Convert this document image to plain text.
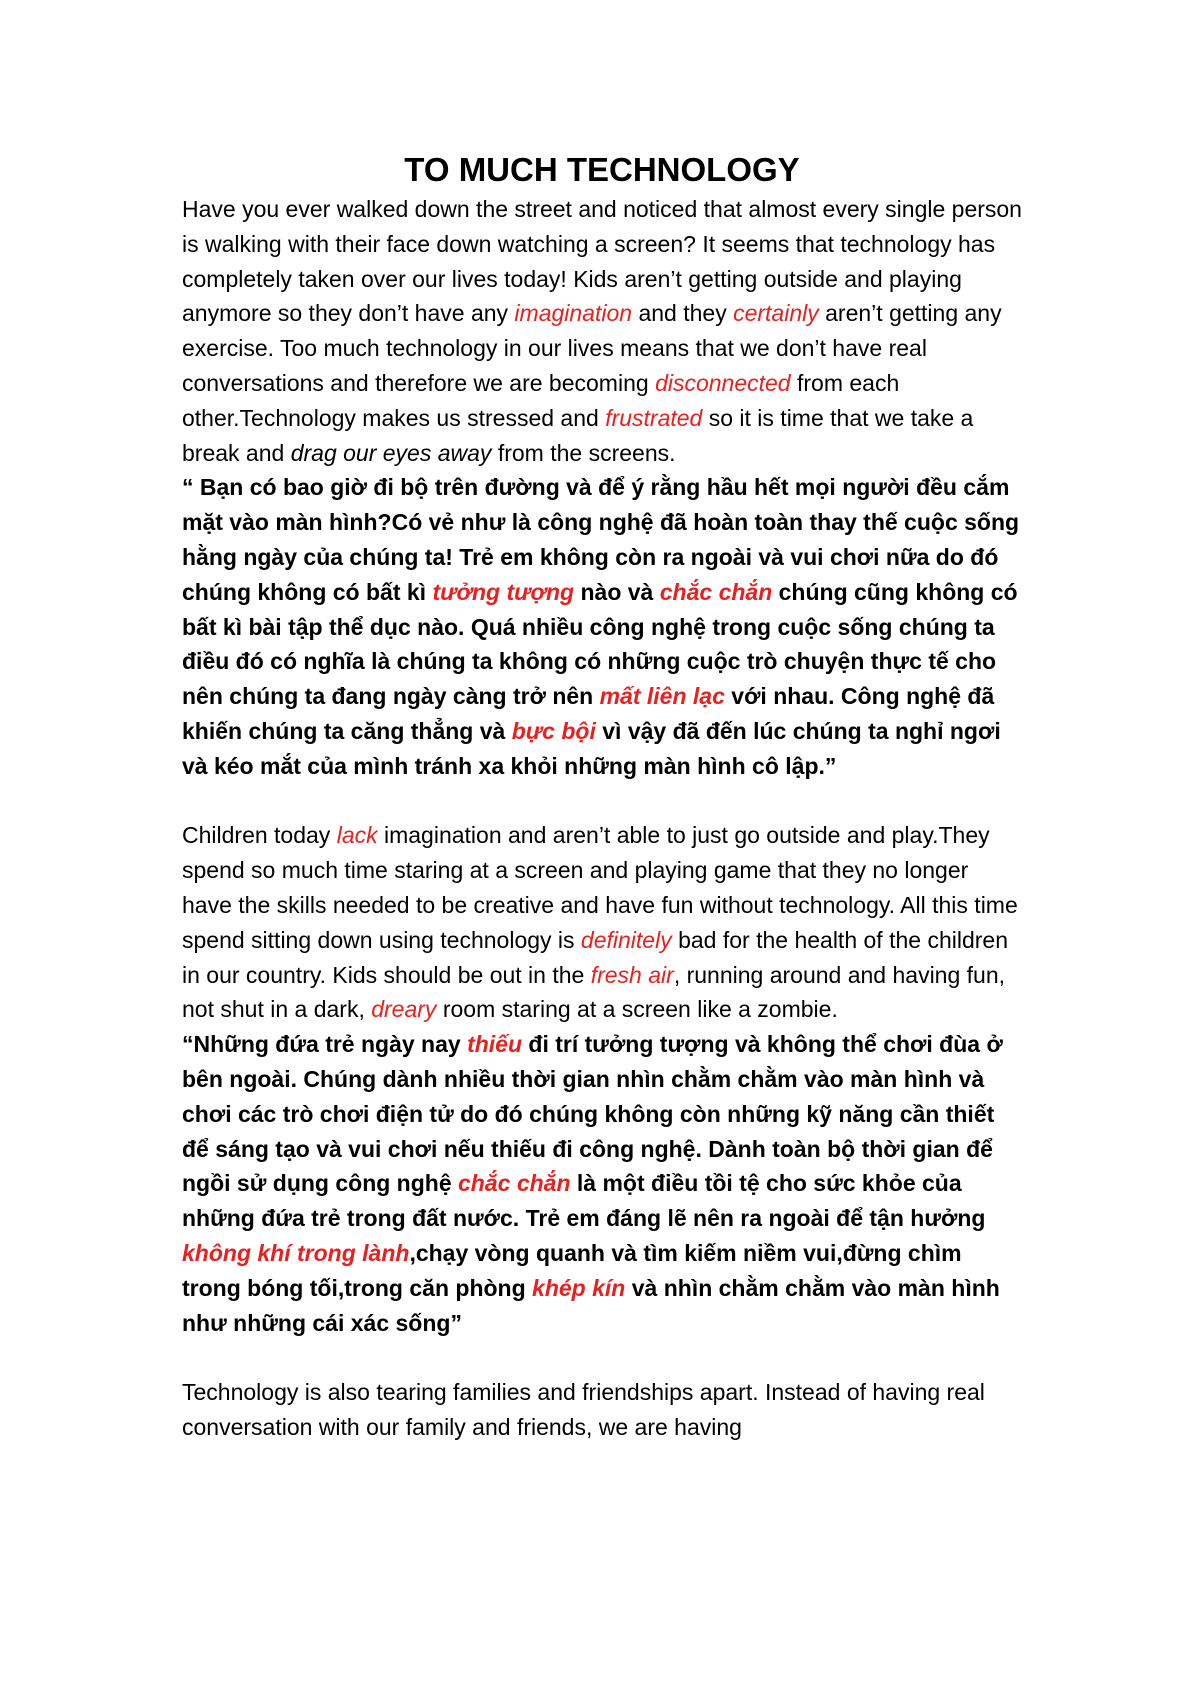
TO MUCH TECHNOLOGY

Have you ever walked down the street and noticed that almost every single person is walking with their face down watching a screen? It seems that technology has completely taken over our lives today! Kids aren’t getting outside and playing anymore so they don’t have any imagination and they certainly aren’t getting any exercise. Too much technology in our lives means that we don’t have real conversations and therefore we are becoming disconnected from each other.Technology makes us stressed and frustrated so it is time that we take a break and drag our eyes away from the screens.

“ Bạn có bao giờ đi bộ trên đường và để ý rằng hầu hết mọi người đều cắm mặt vào màn hình?Có vẻ như là công nghệ đã hoàn toàn thay thế cuộc sống hằng ngày của chúng ta! Trẻ em không còn ra ngoài và vui chơi nữa do đó chúng không có bất kì tưởng tượng nào và chắc chắn chúng cũng không có bất kì bài tập thể dục nào. Quá nhiều công nghệ trong cuộc sống chúng ta điều đó có nghĩa là chúng ta không có những cuộc trò chuyện thực tế cho nên chúng ta đang ngày càng trở nên mất liên lạc với nhau. Công nghệ đã khiến chúng ta căng thẳng và bực bội vì vậy đã đến lúc chúng ta nghỉ ngơi và kéo mắt của mình tránh xa khỏi những màn hình cô lập.”

Children today lack imagination and aren’t able to just go outside and play.They spend so much time staring at a screen and playing game that they no longer have the skills needed to be creative and have fun without technology. All this time spend sitting down using technology is definitely bad for the health of the children in our country. Kids should be out in the fresh air, running around and having fun, not shut in a dark, dreary room staring at a screen like a zombie.

“Những đứa trẻ ngày nay thiếu đi trí tưởng tượng và không thể chơi đùa ở bên ngoài. Chúng dành nhiều thời gian nhìn chằm chằm vào màn hình và chơi các trò chơi điện tử do đó chúng không còn những kỹ năng cần thiết để sáng tạo và vui chơi nếu thiếu đi công nghệ. Dành toàn bộ thời gian để ngồi sử dụng công nghệ chắc chắn là một điều tồi tệ cho sức khỏe của những đứa trẻ trong đất nước. Trẻ em đáng lẽ nên ra ngoài để tận hưởng không khí trong lành,chạy vòng quanh và tìm kiếm niềm vui,đừng chìm trong bóng tối,trong căn phòng khép kín và nhìn chằm chằm vào màn hình như những cái xác sống”

Technology is also tearing families and friendships apart. Instead of having real conversation with our family and friends, we are having
